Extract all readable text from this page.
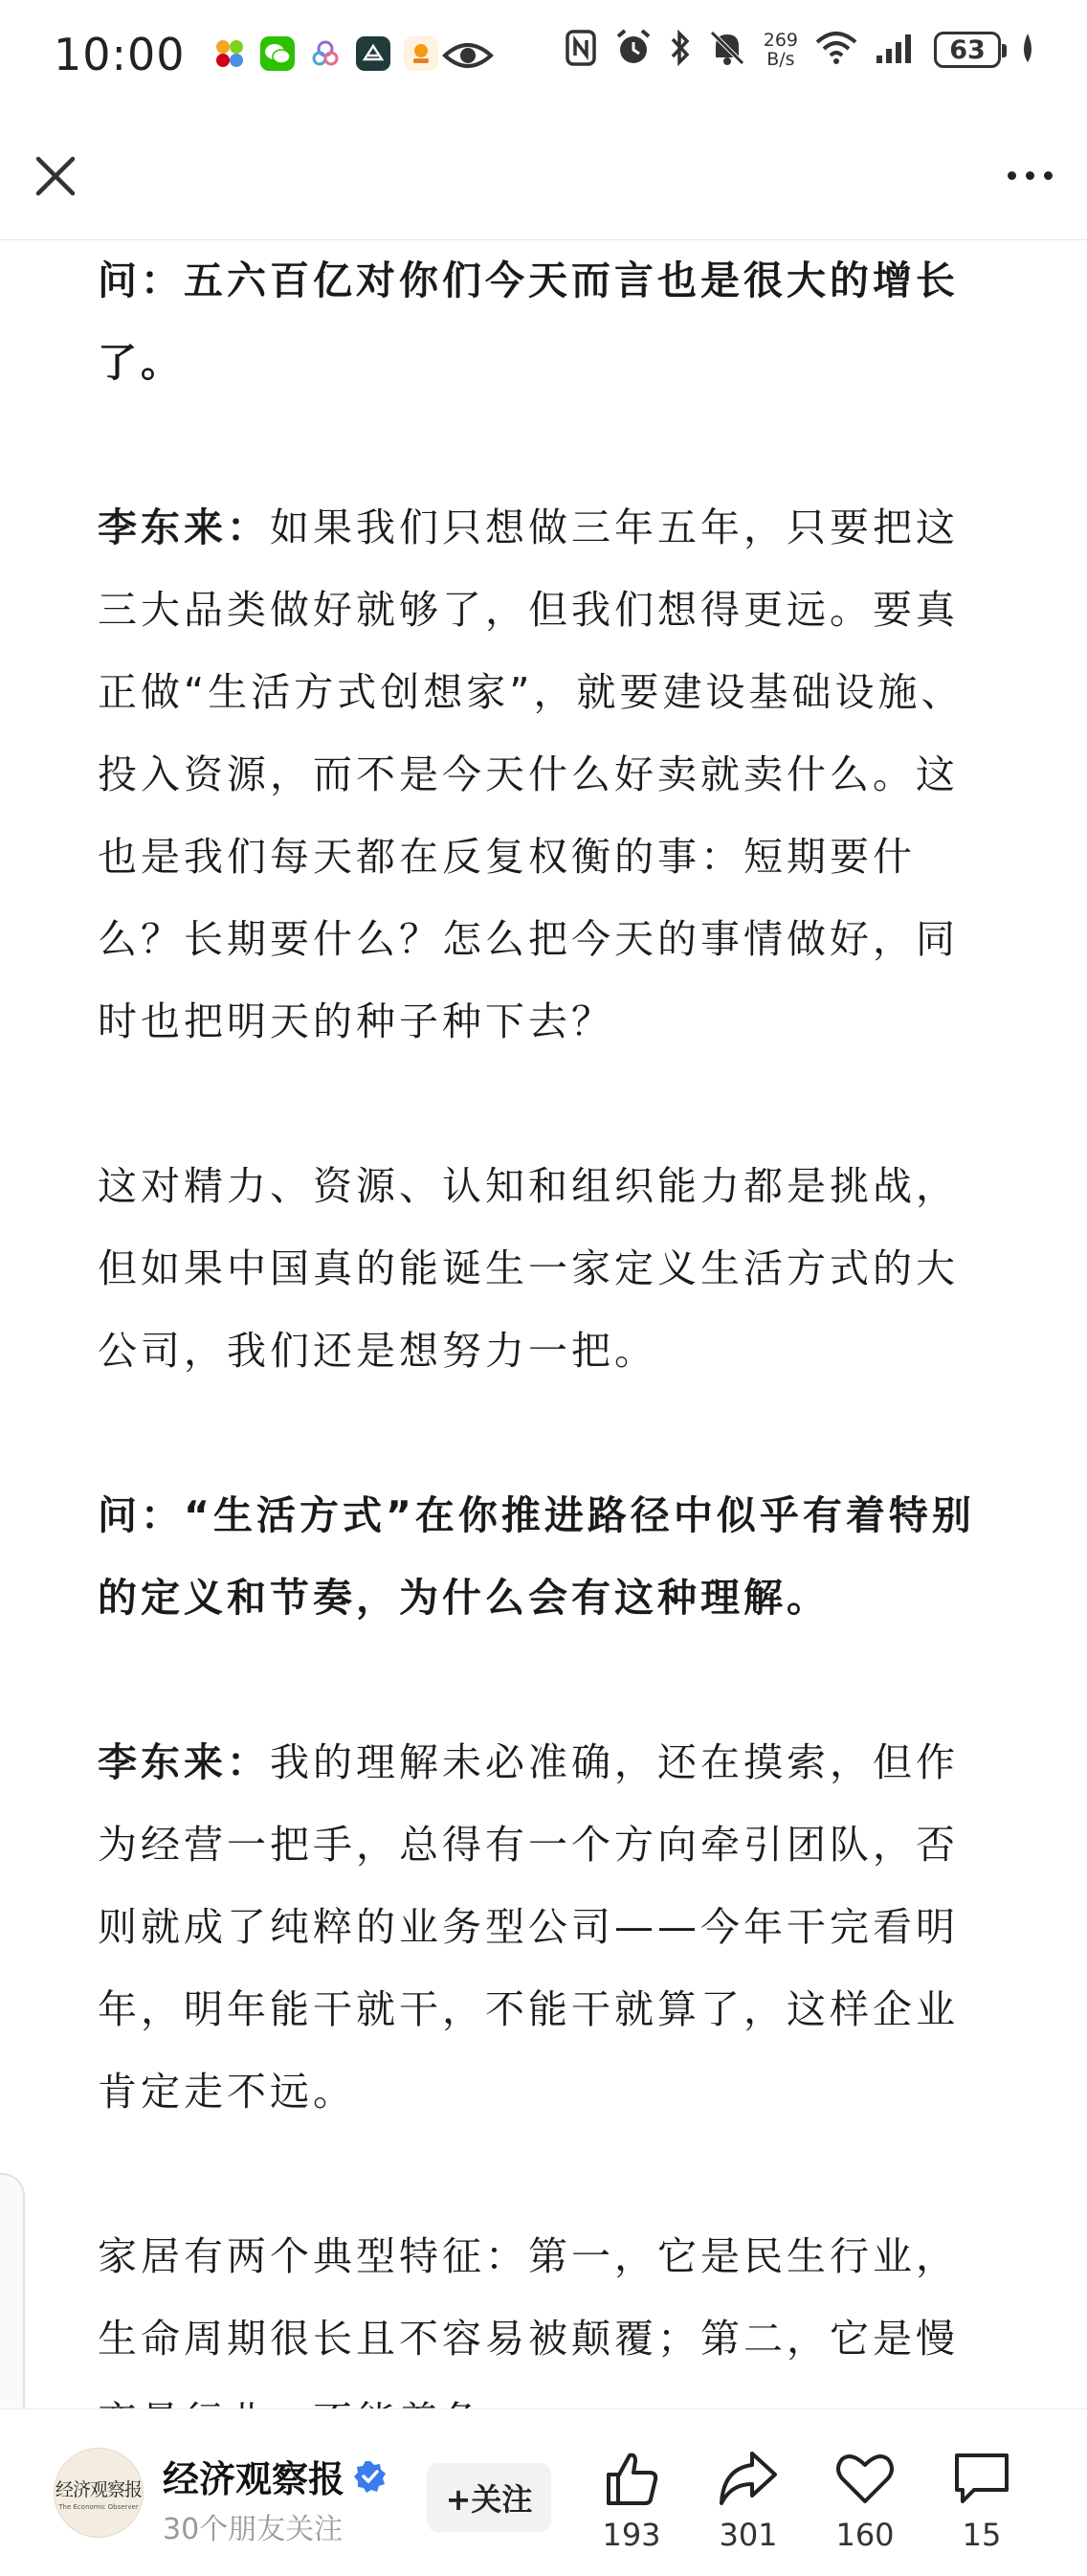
10:00	269
B/s	63

问：五六百亿对你们今天而言也是很大的增长了。

李东来：如果我们只想做三年五年，只要把这三大品类做好就够了，但我们想得更远。要真正做“生活方式创想家”，就要建设基础设施、投入资源，而不是今天什么好卖就卖什么。这也是我们每天都在反复权衡的事：短期要什么？长期要什么？怎么把今天的事情做好，同时也把明天的种子种下去？

这对精力、资源、认知和组织能力都是挑战，但如果中国真的能诞生一家定义生活方式的大公司，我们还是想努力一把。

问：“生活方式”在你推进路径中似乎有着特别的定义和节奏，为什么会有这种理解。

李东来：我的理解未必准确，还在摸索，但作为经营一把手，总得有一个方向牵引团队，否则就成了纯粹的业务型公司——今年干完看明年，明年能干就干，不能干就算了，这样企业肯定走不远。

家居有两个典型特征：第一，它是民生行业，生命周期很长且不容易被颠覆；第二，它是慢

经济观察报
The Economic Observer
经济观察报
30个朋友关注
+关注
193 301 160 15
